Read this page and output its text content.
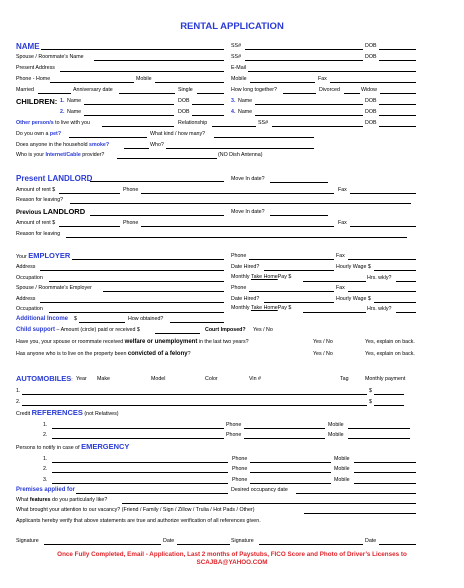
RENTAL APPLICATION
NAME	SS#	DOB
Spouse / Roommate’s Name	SS#	DOB
Present Address	E-Mail
Phone - Home	Mobile	Mobile	Fax
Married	Anniversary date	Single	How long together?	Divorced	Widow
CHILDREN: 1. Name	DOB	3. Name	DOB
2. Name	DOB	4. Name	DOB
Other person/s to live with you	Relationship	SS#	DOB
Do you own a pet?	What kind / how many?
Does anyone in the household smoke?	Who?
Who is your Internet/Cable provider?	(NO Dish Antenna)
Present LANDLORD	Move In date?
Amount of rent $	Phone	Fax
Reason for leaving?
Previous LANDLORD	Move In date?
Amount of rent $	Phone	Fax
Reason for leaving
Your EMPLOYER	Phone	Fax
Address	Date Hired?	Hourly Wage $
Occupation	Monthly Take HomePay $	Hrs. wkly?
Spouse / Roommate’s Employer	Phone	Fax
Address	Date Hired?	Hourly Wage $
Occupation	Monthly Take HomePay $	Hrs. wkly?
Additional Income $	How obtained?
Child support – Amount (circle) paid or received $	Court Imposed? Yes / No
Have you, your spouse or roommate received welfare or unemployment in the last two years?	Yes / No	Yes, explain on back.
Has anyone who is to live on the property been convicted of a felony?	Yes / No	Yes, explain on back.
AUTOMOBILES: Year Make	Model	Color	Vin #	Tag	Monthly payment
1.	$
2.	$
Credit REFERENCES (not Relatives)
1.	Phone	Mobile
2.	Phone	Mobile
Persons to notify in case of EMERGENCY
1.	Phone	Mobile
2.	Phone	Mobile
3.	Phone	Mobile
Premises applied for	Desired occupancy date
What features do you particularly like?
What brought your attention to our vacancy? (Friend / Family / Sign / Zillow / Trulia / Hot Pads / Other)
Applicants hereby verify that above statements are true and authorize verification of all references given.
Signature	Date	Signature	Date
Once Fully Completed, Email - Application, Last 2 months of Paystubs, FICO Score and Photo of Driver’s Licenses to
SCAJBA@YAHOO.COM
